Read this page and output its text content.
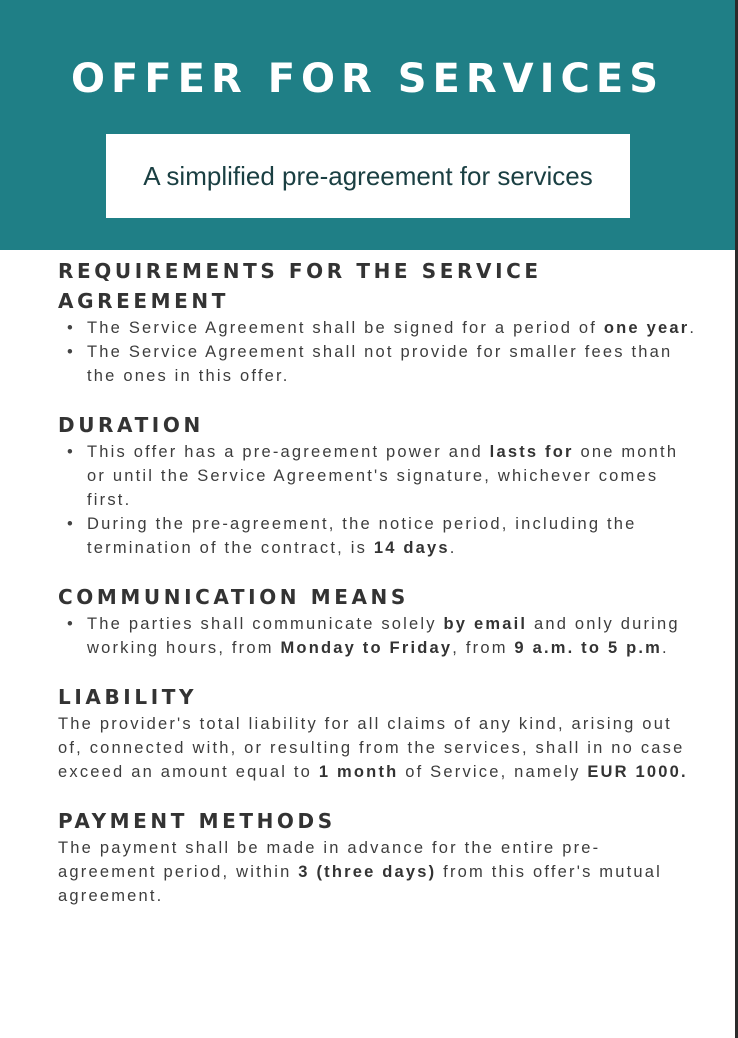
OFFER FOR SERVICES
A simplified pre-agreement for services
REQUIREMENTS FOR THE SERVICE AGREEMENT
• The Service Agreement shall be signed for a period of one year.
• The Service Agreement shall not provide for smaller fees than the ones in this offer.
DURATION
• This offer has a pre-agreement power and lasts for one month or until the Service Agreement's signature, whichever comes first.
• During the pre-agreement, the notice period, including the termination of the contract, is 14 days.
COMMUNICATION MEANS
• The parties shall communicate solely by email and only during working hours, from Monday to Friday, from 9 a.m. to 5 p.m.
LIABILITY

The provider's total liability for all claims of any kind, arising out of, connected with, or resulting from the services, shall in no case exceed an amount equal to 1 month of Service, namely EUR 1000.

PAYMENT METHODS

The payment shall be made in advance for the entire pre-agreement period, within 3 (three days) from this offer's mutual agreement.
